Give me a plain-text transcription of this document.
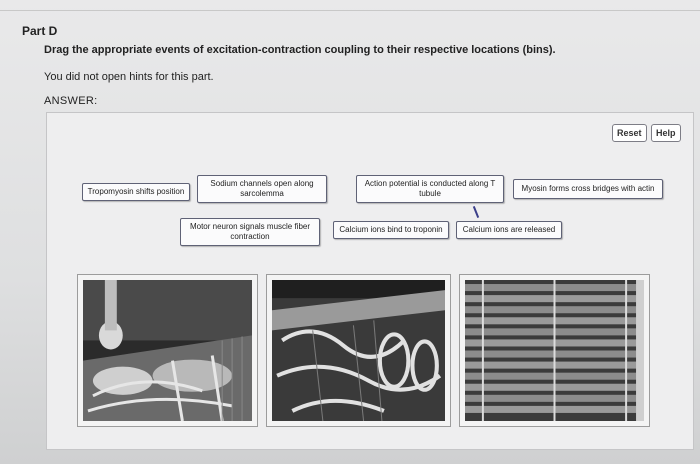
Part D
Drag the appropriate events of excitation-contraction coupling to their respective locations (bins).
You did not open hints for this part.
ANSWER:
Reset	Help
Tropomyosin shifts position
Sodium channels open along sarcolemma
Action potential is conducted along T tubule
Myosin forms cross bridges with actin
Motor neuron signals muscle fiber contraction
Calcium ions bind to troponin	Calcium ions are released
